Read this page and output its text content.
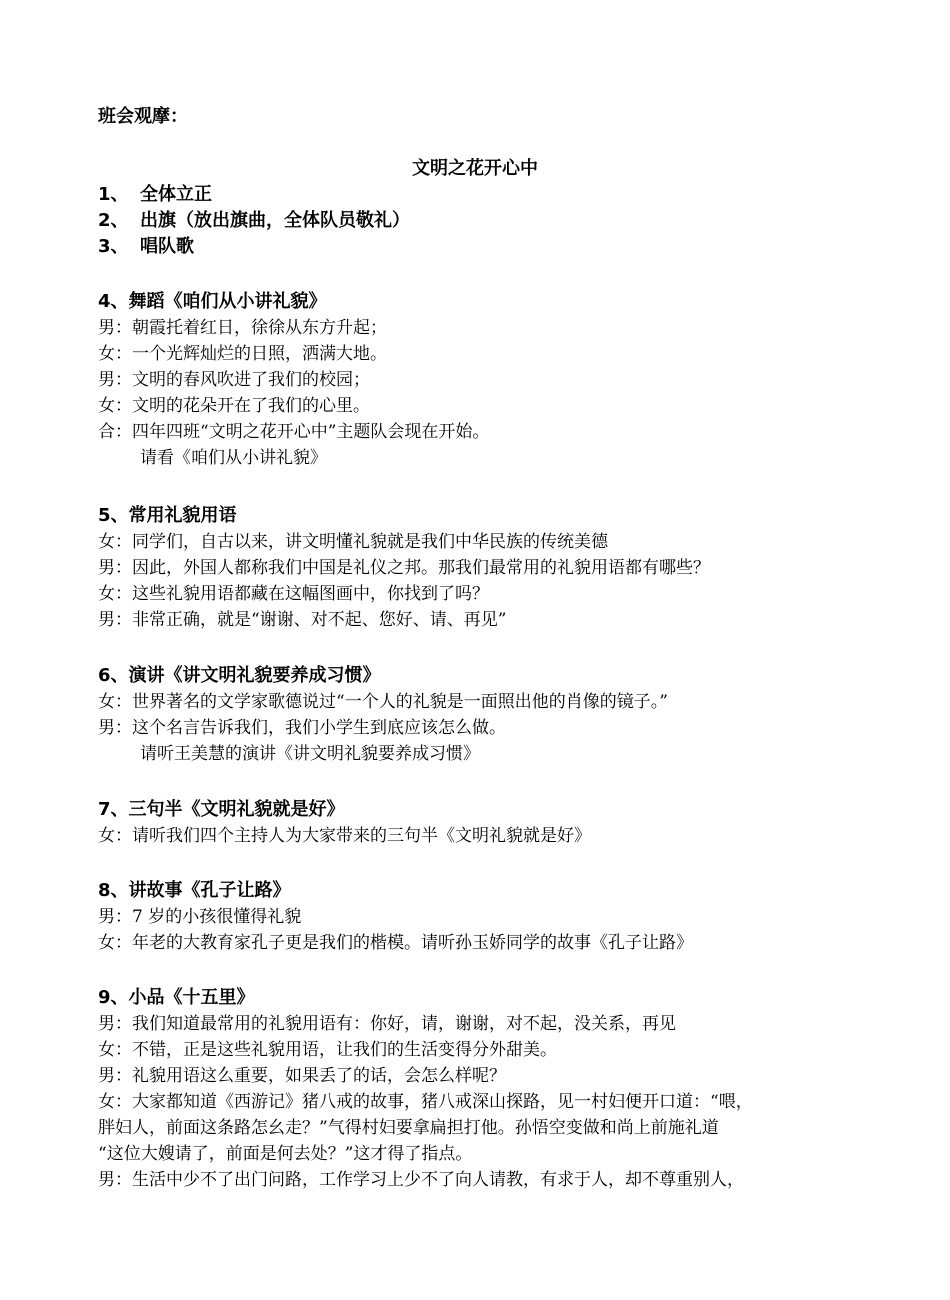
班会观摩：
文明之花开心中
1、 全体立正
2、 出旗（放出旗曲，全体队员敬礼）
3、 唱队歌
4、舞蹈《咱们从小讲礼貌》
男：朝霞托着红日，徐徐从东方升起；
女：一个光辉灿烂的日照，洒满大地。
男：文明的春风吹进了我们的校园；
女：文明的花朵开在了我们的心里。
合：四年四班“文明之花开心中”主题队会现在开始。
请看《咱们从小讲礼貌》
5、常用礼貌用语
女：同学们，自古以来，讲文明懂礼貌就是我们中华民族的传统美德
男：因此，外国人都称我们中国是礼仪之邦。那我们最常用的礼貌用语都有哪些？
女：这些礼貌用语都藏在这幅图画中，你找到了吗？
男：非常正确，就是“谢谢、对不起、您好、请、再见”
6、演讲《讲文明礼貌要养成习惯》
女：世界著名的文学家歌德说过“一个人的礼貌是一面照出他的肖像的镜子。”
男：这个名言告诉我们，我们小学生到底应该怎么做。
请听王美慧的演讲《讲文明礼貌要养成习惯》
7、三句半《文明礼貌就是好》
女：请听我们四个主持人为大家带来的三句半《文明礼貌就是好》
8、讲故事《孔子让路》
男：7 岁的小孩很懂得礼貌
女：年老的大教育家孔子更是我们的楷模。请听孙玉娇同学的故事《孔子让路》
9、小品《十五里》
男：我们知道最常用的礼貌用语有：你好，请，谢谢，对不起，没关系，再见
女：不错，正是这些礼貌用语，让我们的生活变得分外甜美。
男：礼貌用语这么重要，如果丢了的话，会怎么样呢？
女：大家都知道《西游记》猪八戒的故事，猪八戒深山探路，见一村妇便开口道：“喂，
胖妇人，前面这条路怎幺走？”气得村妇要拿扁担打他。孙悟空变做和尚上前施礼道
“这位大嫂请了，前面是何去处？”这才得了指点。
男：生活中少不了出门问路，工作学习上少不了向人请教，有求于人，却不尊重别人，
